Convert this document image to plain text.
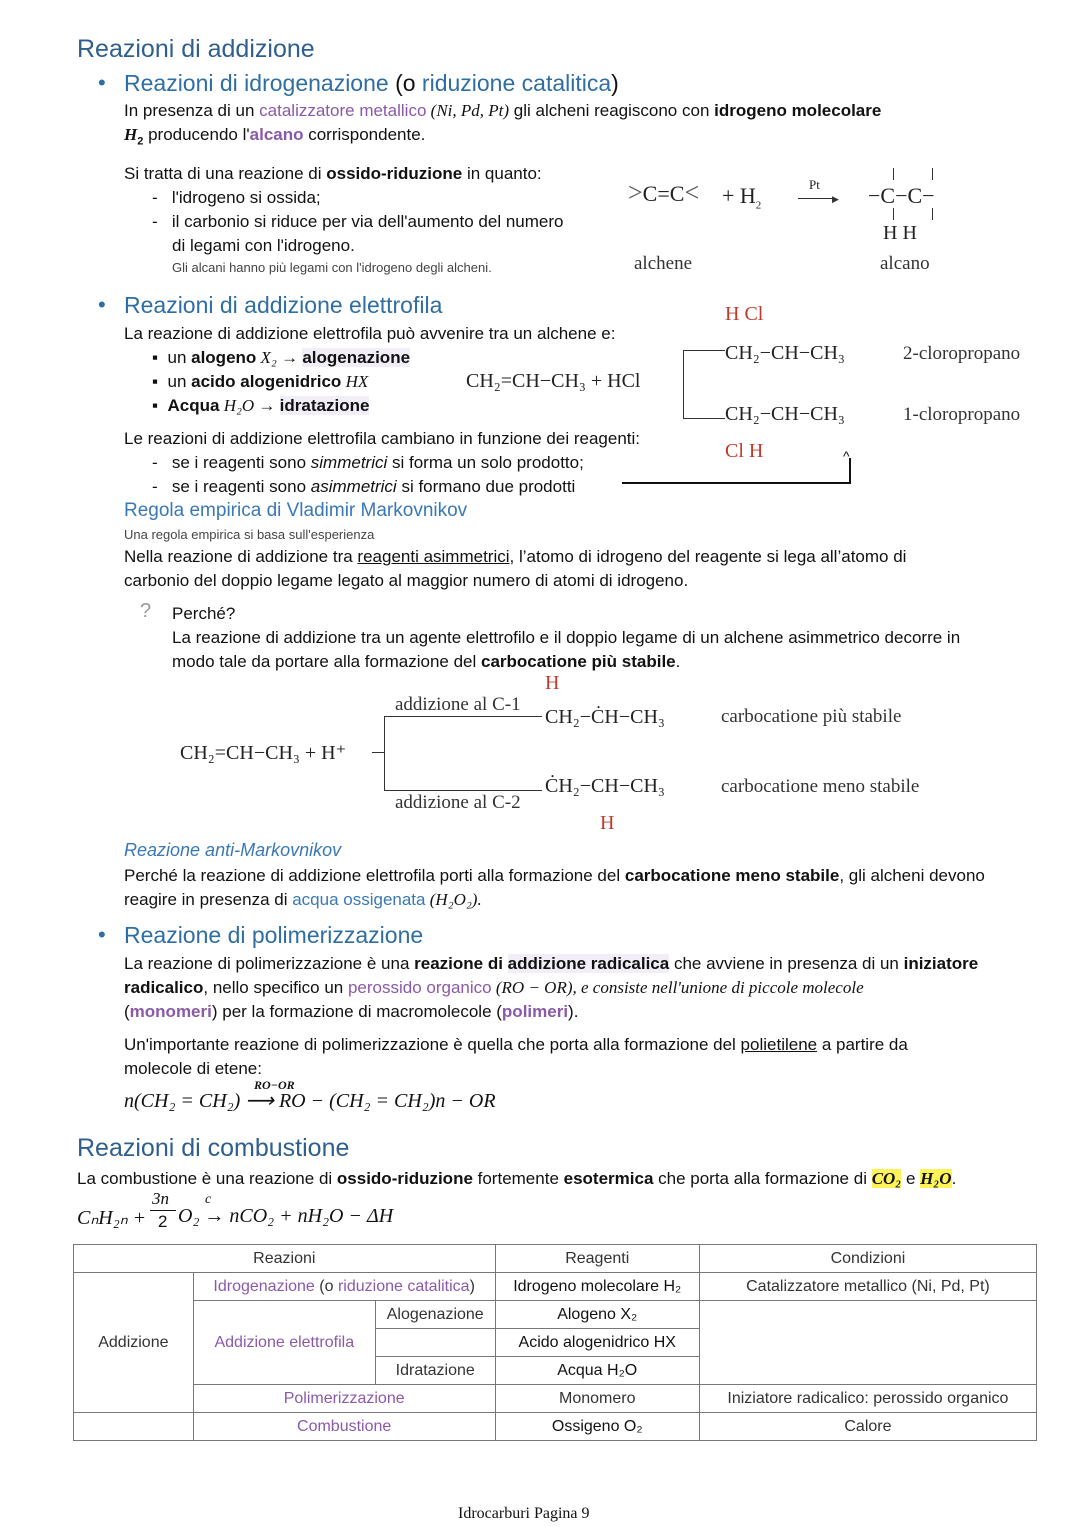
Reazioni di addizione
• Reazioni di idrogenazione (o riduzione catalitica)
In presenza di un catalizzatore metallico (Ni, Pd, Pt) gli alcheni reagiscono con idrogeno molecolare
$H_2$ producendo l'alcano corrispondente.
Si tratta di una reazione di ossido-riduzione in quanto:
-   l'idrogeno si ossida;
-   il carbonio si riduce per via dell'aumento del numero
di legami con l'idrogeno.
Gli alcani hanno più legami con l'idrogeno degli alcheni.
$>C=C< + H_2$
Pt
▶ −C−C−
H H
alchene	alcano
• Reazioni di addizione elettrofila
La reazione di addizione elettrofila può avvenire tra un alchene e:
▪  un alogeno X₂ → alogenazione
▪  un acido alogenidrico HX
▪  Acqua H₂O → idratazione
CH₂=CH−CH₃ + HCl
H Cl
CH₂−CH−CH₃	2-cloropropano
CH₂−CH−CH₃
Cl H
1-cloropropano
Le reazioni di addizione elettrofila cambiano in funzione dei reagenti:
-   se i reagenti sono simmetrici si forma un solo prodotto;
-   se i reagenti sono asimmetrici si formano due prodotti
^
Regola empirica di Vladimir Markovnikov
Una regola empirica si basa sull'esperienza
Nella reazione di addizione tra reagenti asimmetrici, l’atomo di idrogeno del reagente si lega all’atomo di
carbonio del doppio legame legato al maggior numero di atomi di idrogeno.
? Perché?
La reazione di addizione tra un agente elettrofilo e il doppio legame di un alchene asimmetrico decorre in
modo tale da portare alla formazione del carbocatione più stabile.
CH₂=CH−CH₃ + H⁺
addizione al C-1
addizione al C-2
H
CH₂−ĊH−CH₃
ĊH₂−CH−CH₃
H
carbocatione più stabile
carbocatione meno stabile
Reazione anti-Markovnikov
Perché la reazione di addizione elettrofila porti alla formazione del carbocatione meno stabile, gli alcheni devono
reagire in presenza di acqua ossigenata (H₂O₂).
• Reazione di polimerizzazione
La reazione di polimerizzazione è una reazione di addizione radicalica che avviene in presenza di un iniziatore
radicalico, nello specifico un perossido organico (RO − OR), e consiste nell'unione di piccole molecole
(monomeri) per la formazione di macromolecole (polimeri).
Un'importante reazione di polimerizzazione è quella che porta alla formazione del polietilene a partire da
molecole di etene:
RO−OR
n(CH₂ = CH₂) ⟶ RO − (CH₂ = CH₂)n − OR
Reazioni di combustione
La combustione è una reazione di ossido-riduzione fortemente esotermica che porta alla formazione di CO₂ e H₂O.
CₙH₂ₙ +
3n
2
c
O₂ → nCO₂ + nH₂O − ΔH
Reazioni			Reagenti	Condizioni
Addizione	Idrogenazione (o riduzione catalitica)		Idrogeno molecolare H₂	Catalizzatore metallico (Ni, Pd, Pt)
	Addizione elettrofila	Alogenazione	Alogeno X₂	
			Acido alogenidrico HX	
		Idratazione	Acqua H₂O	
	Polimerizzazione		Monomero	Iniziatore radicalico: perossido organico
	Combustione		Ossigeno O₂	Calore
Idrocarburi Pagina 9
